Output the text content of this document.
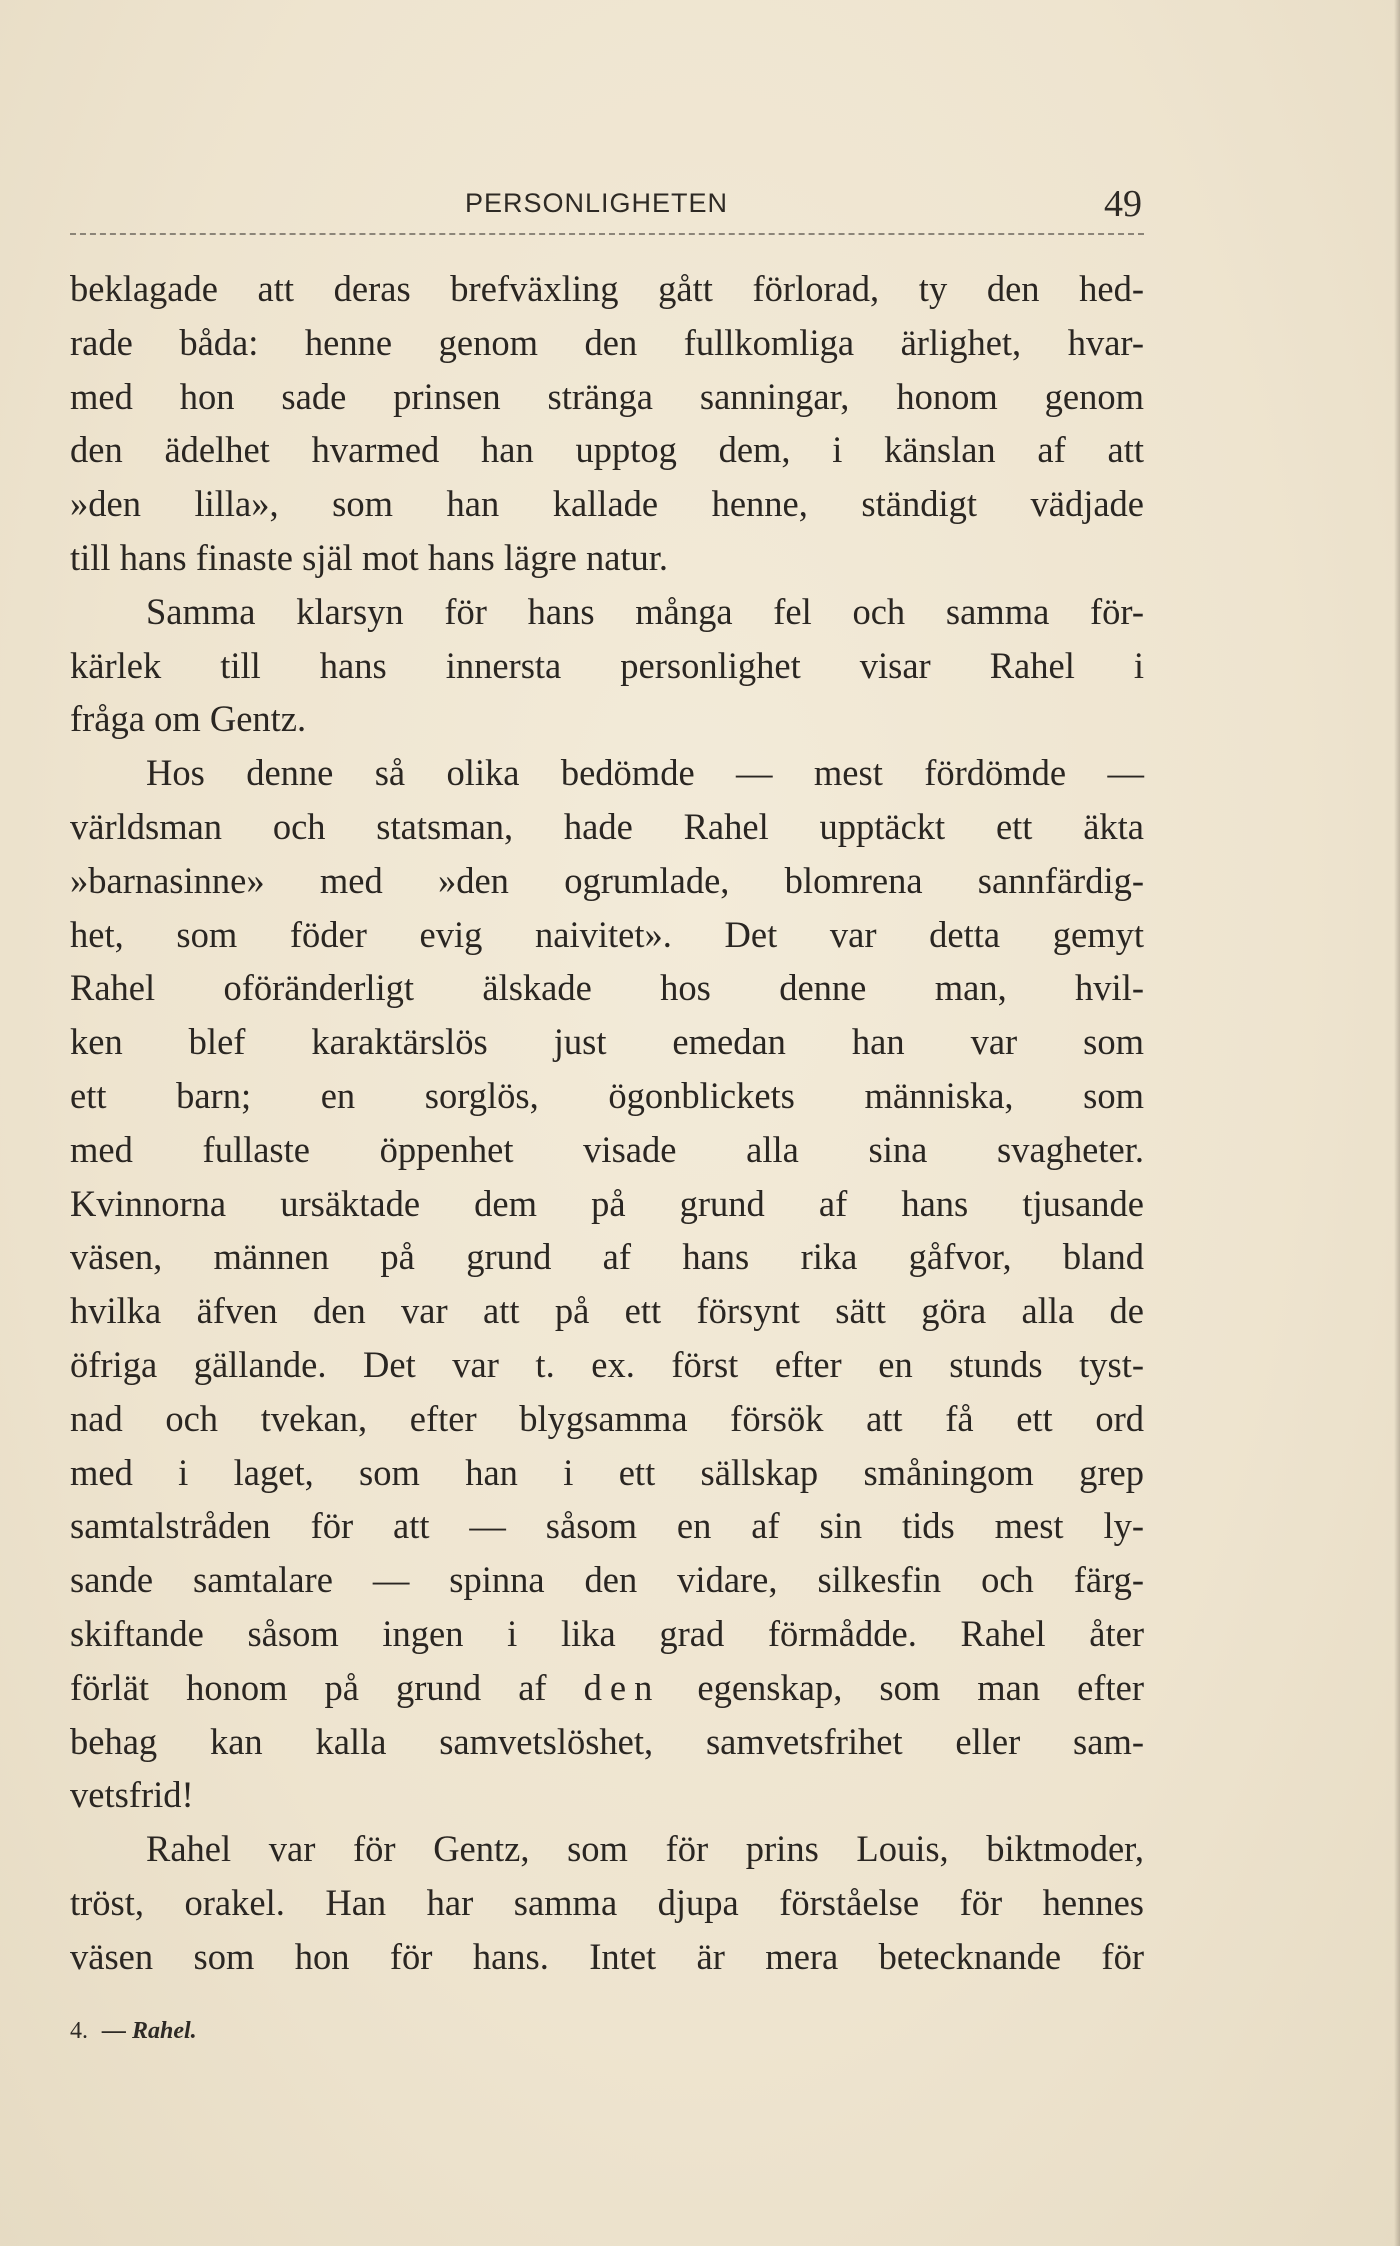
PERSONLIGHETEN	49
beklagade att deras brefväxling gått förlorad, ty den hed-
rade båda: henne genom den fullkomliga ärlighet, hvar-
med hon sade prinsen stränga sanningar, honom genom
den ädelhet hvarmed han upptog dem, i känslan af att
»den lilla», som han kallade henne, ständigt vädjade
till hans finaste själ mot hans lägre natur.
Samma klarsyn för hans många fel och samma för-
kärlek till hans innersta personlighet visar Rahel i
fråga om Gentz.
Hos denne så olika bedömde — mest fördömde —
världsman och statsman, hade Rahel upptäckt ett äkta
»barnasinne» med »den ogrumlade, blomrena sannfärdig-
het, som föder evig naivitet». Det var detta gemyt
Rahel oföränderligt älskade hos denne man, hvil-
ken blef karaktärslös just emedan han var som
ett barn; en sorglös, ögonblickets människa, som
med fullaste öppenhet visade alla sina svagheter.
Kvinnorna ursäktade dem på grund af hans tjusande
väsen, männen på grund af hans rika gåfvor, bland
hvilka äfven den var att på ett försynt sätt göra alla de
öfriga gällande. Det var t. ex. först efter en stunds tyst-
nad och tvekan, efter blygsamma försök att få ett ord
med i laget, som han i ett sällskap småningom grep
samtalstråden för att — såsom en af sin tids mest ly-
sande samtalare — spinna den vidare, silkesfin och färg-
skiftande såsom ingen i lika grad förmådde. Rahel åter
förlät honom på grund af den egenskap, som man efter
behag kan kalla samvetslöshet, samvetsfrihet eller sam-
vetsfrid!
Rahel var för Gentz, som för prins Louis, biktmoder,
tröst, orakel. Han har samma djupa förståelse för hennes
väsen som hon för hans. Intet är mera betecknande för
4. — Rahel.
